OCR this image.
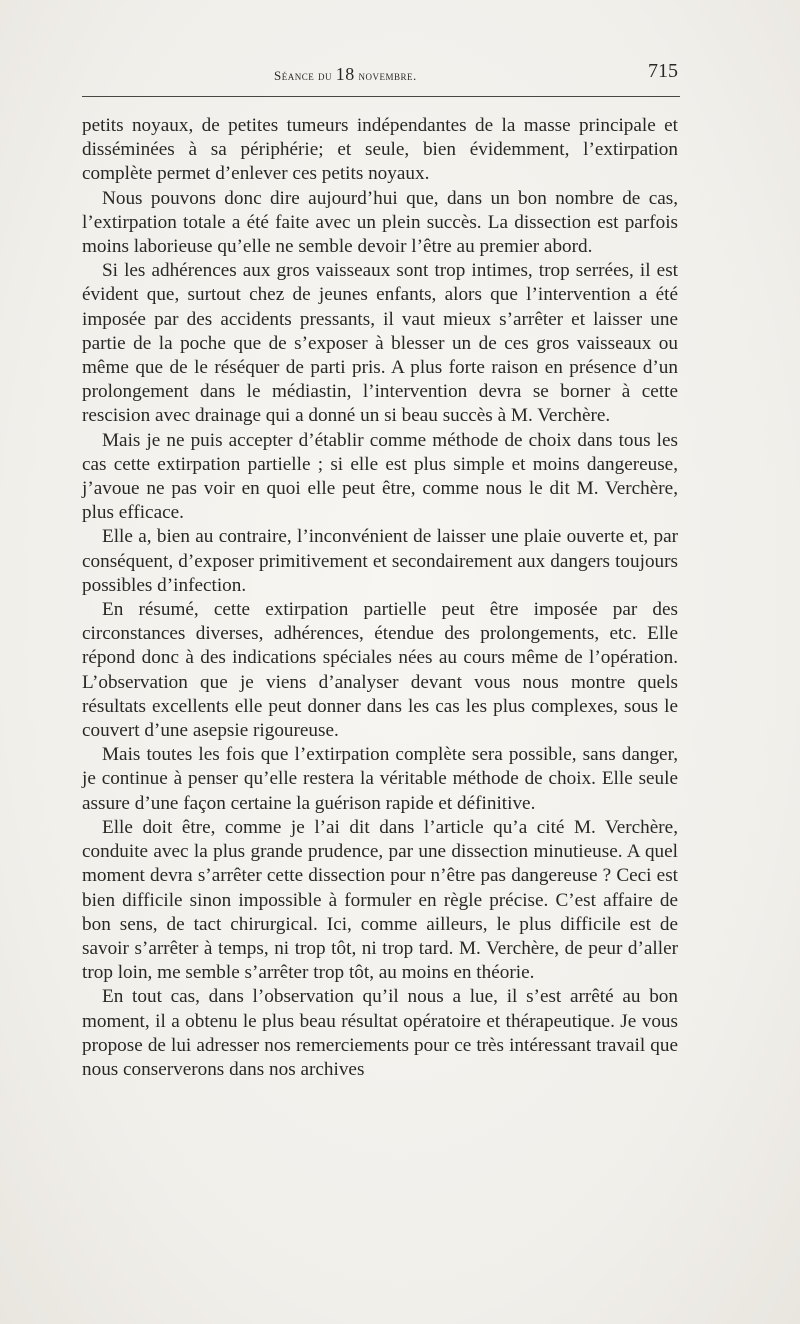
Séance du 18 novembre.	715

petits noyaux, de petites tumeurs indépendantes de la masse principale et disséminées à sa périphérie; et seule, bien évidemment, l’extirpation complète permet d’enlever ces petits noyaux.

Nous pouvons donc dire aujourd’hui que, dans un bon nombre de cas, l’extirpation totale a été faite avec un plein succès. La dissection est parfois moins laborieuse qu’elle ne semble devoir l’être au premier abord.

Si les adhérences aux gros vaisseaux sont trop intimes, trop serrées, il est évident que, surtout chez de jeunes enfants, alors que l’intervention a été imposée par des accidents pressants, il vaut mieux s’arrêter et laisser une partie de la poche que de s’exposer à blesser un de ces gros vaisseaux ou même que de le réséquer de parti pris. A plus forte raison en présence d’un prolongement dans le médiastin, l’intervention devra se borner à cette rescision avec drainage qui a donné un si beau succès à M. Verchère.

Mais je ne puis accepter d’établir comme méthode de choix dans tous les cas cette extirpation partielle ; si elle est plus simple et moins dangereuse, j’avoue ne pas voir en quoi elle peut être, comme nous le dit M. Verchère, plus efficace.

Elle a, bien au contraire, l’inconvénient de laisser une plaie ouverte et, par conséquent, d’exposer primitivement et secondairement aux dangers toujours possibles d’infection.

En résumé, cette extirpation partielle peut être imposée par des circonstances diverses, adhérences, étendue des prolongements, etc. Elle répond donc à des indications spéciales nées au cours même de l’opération. L’observation que je viens d’analyser devant vous nous montre quels résultats excellents elle peut donner dans les cas les plus complexes, sous le couvert d’une asepsie rigoureuse.

Mais toutes les fois que l’extirpation complète sera possible, sans danger, je continue à penser qu’elle restera la véritable méthode de choix. Elle seule assure d’une façon certaine la guérison rapide et définitive.

Elle doit être, comme je l’ai dit dans l’article qu’a cité M. Verchère, conduite avec la plus grande prudence, par une dissection minutieuse. A quel moment devra s’arrêter cette dissection pour n’être pas dangereuse ? Ceci est bien difficile sinon impossible à formuler en règle précise. C’est affaire de bon sens, de tact chirurgical. Ici, comme ailleurs, le plus difficile est de savoir s’arrêter à temps, ni trop tôt, ni trop tard. M. Verchère, de peur d’aller trop loin, me semble s’arrêter trop tôt, au moins en théorie.

En tout cas, dans l’observation qu’il nous a lue, il s’est arrêté au bon moment, il a obtenu le plus beau résultat opératoire et thérapeutique. Je vous propose de lui adresser nos remerciements pour ce très intéressant travail que nous conserverons dans nos archives
